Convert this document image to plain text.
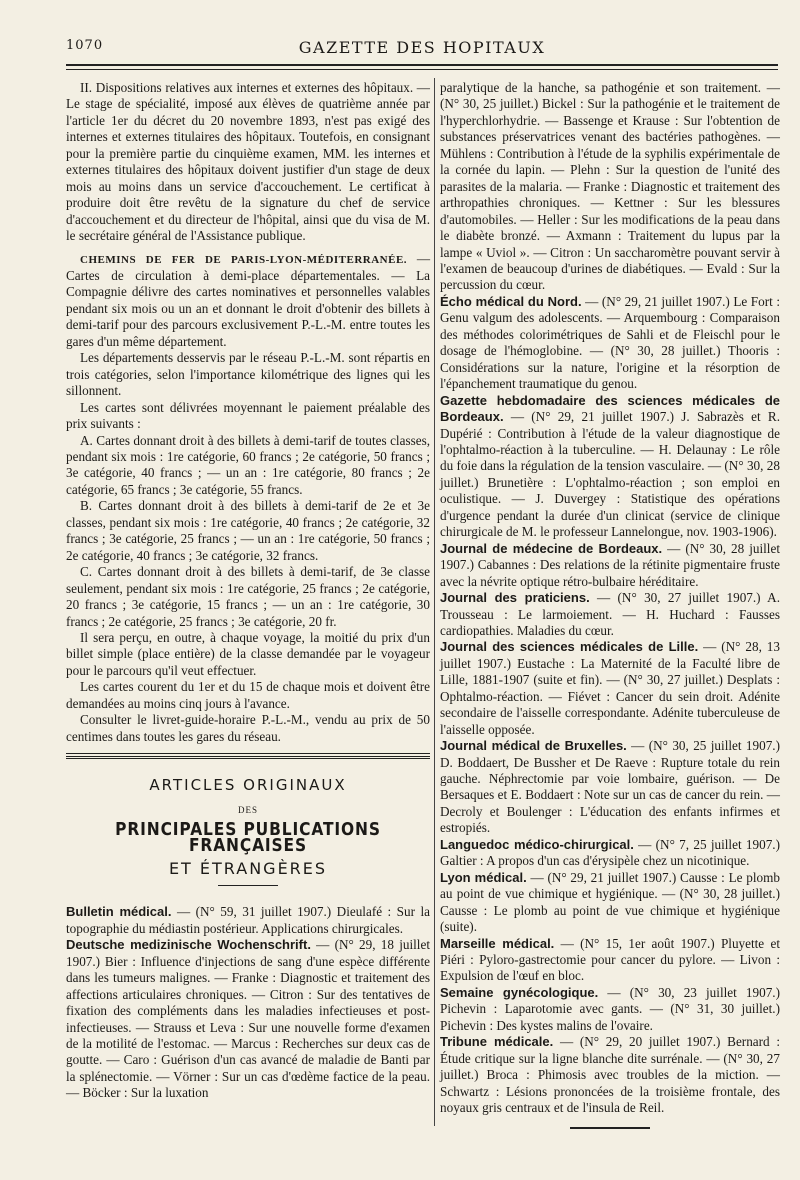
1070	GAZETTE DES HOPITAUX

II. Dispositions relatives aux internes et externes des hôpitaux. — Le stage de spécialité, imposé aux élèves de quatrième année par l'article 1er du décret du 20 novembre 1893, n'est pas exigé des internes et externes titulaires des hôpitaux. Toutefois, en consignant pour la première partie du cinquième examen, MM. les internes et externes titulaires des hôpitaux doivent justifier d'un stage de deux mois au moins dans un service d'accouchement. Le certificat à produire doit être revêtu de la signature du chef de service d'accouchement et du directeur de l'hôpital, ainsi que du visa de M. le secrétaire général de l'Assistance publique.

CHEMINS DE FER DE PARIS-LYON-MÉDITERRANÉE. — Cartes de circulation à demi-place départementales. — La Compagnie délivre des cartes nominatives et personnelles valables pendant six mois ou un an et donnant le droit d'obtenir des billets à demi-tarif pour des parcours exclusivement P.-L.-M. entre toutes les gares d'un même département.

Les départements desservis par le réseau P.-L.-M. sont répartis en trois catégories, selon l'importance kilométrique des lignes qui les sillonnent.

Les cartes sont délivrées moyennant le paiement préalable des prix suivants :

A. Cartes donnant droit à des billets à demi-tarif de toutes classes, pendant six mois : 1re catégorie, 60 francs ; 2e catégorie, 50 francs ; 3e catégorie, 40 francs ; — un an : 1re catégorie, 80 francs ; 2e catégorie, 65 francs ; 3e catégorie, 55 francs.

B. Cartes donnant droit à des billets à demi-tarif de 2e et 3e classes, pendant six mois : 1re catégorie, 40 francs ; 2e catégorie, 32 francs ; 3e catégorie, 25 francs ; — un an : 1re catégorie, 50 francs ; 2e catégorie, 40 francs ; 3e catégorie, 32 francs.

C. Cartes donnant droit à des billets à demi-tarif, de 3e classe seulement, pendant six mois : 1re catégorie, 25 francs ; 2e catégorie, 20 francs ; 3e catégorie, 15 francs ; — un an : 1re catégorie, 30 francs ; 2e catégorie, 25 francs ; 3e catégorie, 20 fr.

Il sera perçu, en outre, à chaque voyage, la moitié du prix d'un billet simple (place entière) de la classe demandée par le voyageur pour le parcours qu'il veut effectuer.

Les cartes courent du 1er et du 15 de chaque mois et doivent être demandées au moins cinq jours à l'avance.

Consulter le livret-guide-horaire P.-L.-M., vendu au prix de 50 centimes dans toutes les gares du réseau.

ARTICLES ORIGINAUX
DES
PRINCIPALES PUBLICATIONS FRANÇAISES
ET ÉTRANGÈRES

Bulletin médical. — (N° 59, 31 juillet 1907.) Dieulafé : Sur la topographie du médiastin postérieur. Applications chirurgicales.

Deutsche medizinische Wochenschrift. — (N° 29, 18 juillet 1907.) Bier : Influence d'injections de sang d'une espèce différente dans les tumeurs malignes. — Franke : Diagnostic et traitement des affections articulaires chroniques. — Citron : Sur des tentatives de fixation des compléments dans les maladies infectieuses et post-infectieuses. — Strauss et Leva : Sur une nouvelle forme d'examen de la motilité de l'estomac. — Marcus : Recherches sur deux cas de goutte. — Caro : Guérison d'un cas avancé de maladie de Banti par la splénectomie. — Vörner : Sur un cas d'œdème factice de la peau. — Böcker : Sur la luxation

paralytique de la hanche, sa pathogénie et son traitement. — (N° 30, 25 juillet.) Bickel : Sur la pathogénie et le traitement de l'hyperchlorhydrie. — Bassenge et Krause : Sur l'obtention de substances préservatrices venant des bactéries pathogènes. — Mühlens : Contribution à l'étude de la syphilis expérimentale de la cornée du lapin. — Plehn : Sur la question de l'unité des parasites de la malaria. — Franke : Diagnostic et traitement des arthropathies chroniques. — Kettner : Sur les blessures d'automobiles. — Heller : Sur les modifications de la peau dans le diabète bronzé. — Axmann : Traitement du lupus par la lampe « Uviol ». — Citron : Un saccharomètre pouvant servir à l'examen de beaucoup d'urines de diabétiques. — Evald : Sur la percussion du cœur.

Écho médical du Nord. — (N° 29, 21 juillet 1907.) Le Fort : Genu valgum des adolescents. — Arquembourg : Comparaison des méthodes colorimétriques de Sahli et de Fleischl pour le dosage de l'hémoglobine. — (N° 30, 28 juillet.) Thooris : Considérations sur la nature, l'origine et la résorption de l'épanchement traumatique du genou.

Gazette hebdomadaire des sciences médicales de Bordeaux. — (N° 29, 21 juillet 1907.) J. Sabrazès et R. Dupérié : Contribution à l'étude de la valeur diagnostique de l'ophtalmo-réaction à la tuberculine. — H. Delaunay : Le rôle du foie dans la régulation de la tension vasculaire. — (N° 30, 28 juillet.) Brunetière : L'ophtalmo-réaction ; son emploi en oculistique. — J. Duvergey : Statistique des opérations d'urgence pendant la durée d'un clinicat (service de clinique chirurgicale de M. le professeur Lannelongue, nov. 1903-1906).

Journal de médecine de Bordeaux. — (N° 30, 28 juillet 1907.) Cabannes : Des relations de la rétinite pigmentaire fruste avec la névrite optique rétro-bulbaire héréditaire.

Journal des praticiens. — (N° 30, 27 juillet 1907.) A. Trousseau : Le larmoiement. — H. Huchard : Fausses cardiopathies. Maladies du cœur.

Journal des sciences médicales de Lille. — (N° 28, 13 juillet 1907.) Eustache : La Maternité de la Faculté libre de Lille, 1881-1907 (suite et fin). — (N° 30, 27 juillet.) Desplats : Ophtalmo-réaction. — Fiévet : Cancer du sein droit. Adénite secondaire de l'aisselle correspondante. Adénite tuberculeuse de l'aisselle opposée.

Journal médical de Bruxelles. — (N° 30, 25 juillet 1907.) D. Boddaert, De Bussher et De Raeve : Rupture totale du rein gauche. Néphrectomie par voie lombaire, guérison. — De Bersaques et E. Boddaert : Note sur un cas de cancer du rein. — Decroly et Boulenger : L'éducation des enfants infirmes et estropiés.

Languedoc médico-chirurgical. — (N° 7, 25 juillet 1907.) Galtier : A propos d'un cas d'érysipèle chez un nicotinique.

Lyon médical. — (N° 29, 21 juillet 1907.) Causse : Le plomb au point de vue chimique et hygiénique. — (N° 30, 28 juillet.) Causse : Le plomb au point de vue chimique et hygiénique (suite).

Marseille médical. — (N° 15, 1er août 1907.) Pluyette et Piéri : Pyloro-gastrectomie pour cancer du pylore. — Livon : Expulsion de l'œuf en bloc.

Semaine gynécologique. — (N° 30, 23 juillet 1907.) Pichevin : Laparotomie avec gants. — (N° 31, 30 juillet.) Pichevin : Des kystes malins de l'ovaire.

Tribune médicale. — (N° 29, 20 juillet 1907.) Bernard : Étude critique sur la ligne blanche dite surrénale. — (N° 30, 27 juillet.) Broca : Phimosis avec troubles de la miction. — Schwartz : Lésions prononcées de la troisième frontale, des noyaux gris centraux et de l'insula de Reil.
